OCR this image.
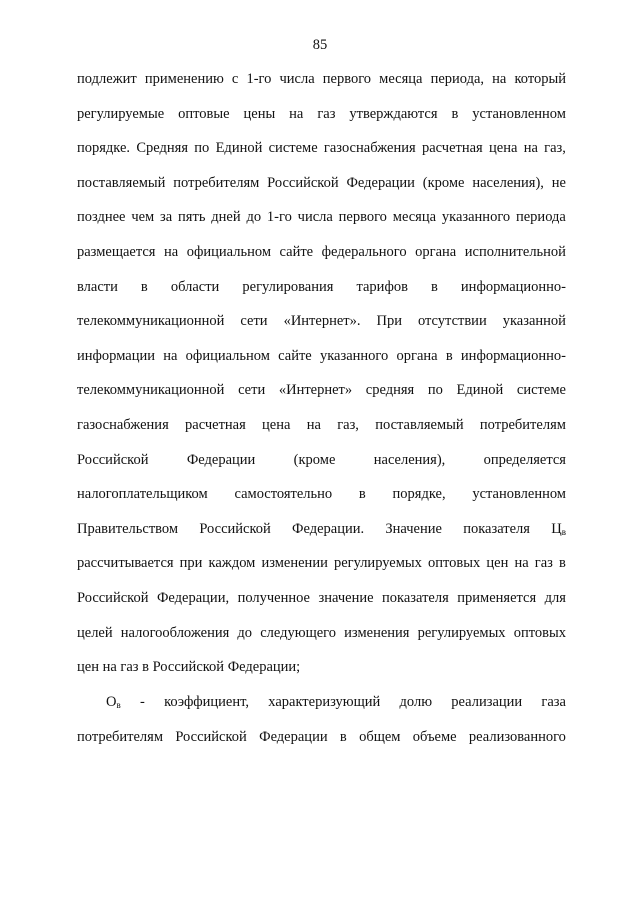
85
подлежит применению с 1-го числа первого месяца периода, на который
регулируемые оптовые цены на газ утверждаются в установленном
порядке. Средняя по Единой системе газоснабжения расчетная цена на газ,
поставляемый потребителям Российской Федерации (кроме населения), не
позднее чем за пять дней до 1-го числа первого месяца указанного периода
размещается на официальном сайте федерального органа исполнительной
власти в области регулирования тарифов в информационно-
телекоммуникационной сети «Интернет». При отсутствии указанной
информации на официальном сайте указанного органа в информационно-
телекоммуникационной сети «Интернет» средняя по Единой системе
газоснабжения расчетная цена на газ, поставляемый потребителям
Российской	Федерации	(кроме	населения),	определяется
налогоплательщиком самостоятельно в порядке, установленном
Правительством Российской Федерации. Значение показателя $Ц_в$
рассчитывается при каждом изменении регулируемых оптовых цен на газ в
Российской Федерации, полученное значение показателя применяется для
целей налогообложения до следующего изменения регулируемых оптовых
цен на газ в Российской Федерации;
$О_в$ - коэффициент, характеризующий долю реализации газа
потребителям Российской Федерации в общем объеме реализованного
